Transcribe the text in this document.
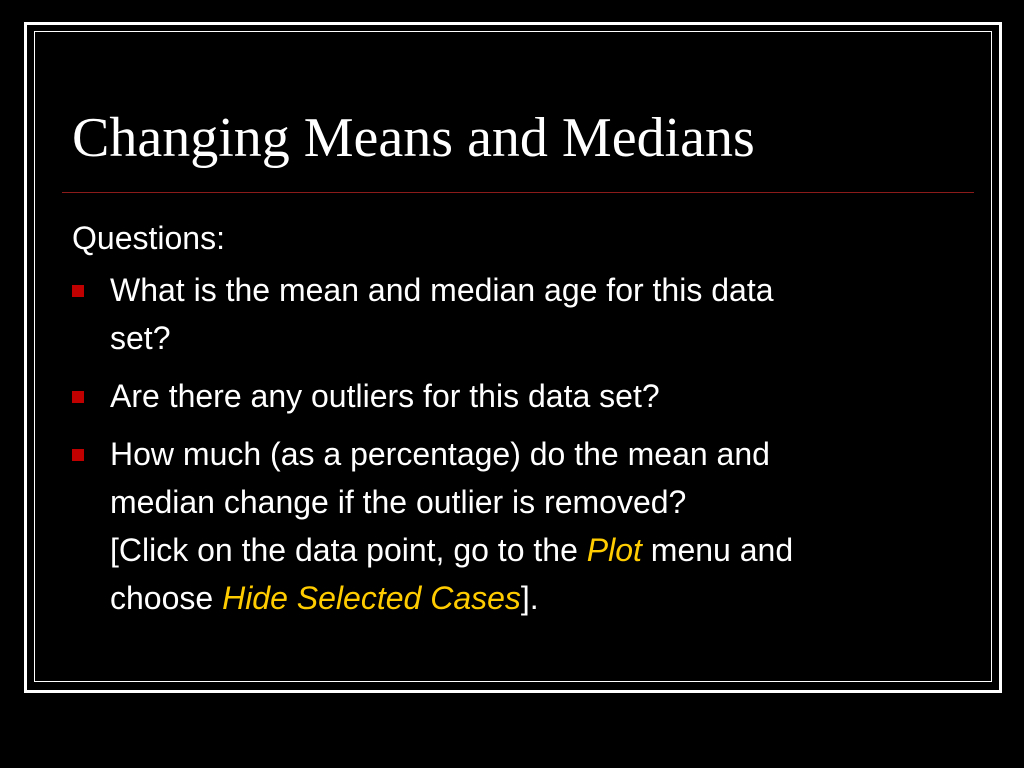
Changing Means and Medians

Questions:

What is the mean and median age for this data
set?
Are there any outliers for this data set?
How much (as a percentage) do the mean and
median change if the outlier is removed?
[Click on the data point, go to the Plot menu and
choose Hide Selected Cases].
